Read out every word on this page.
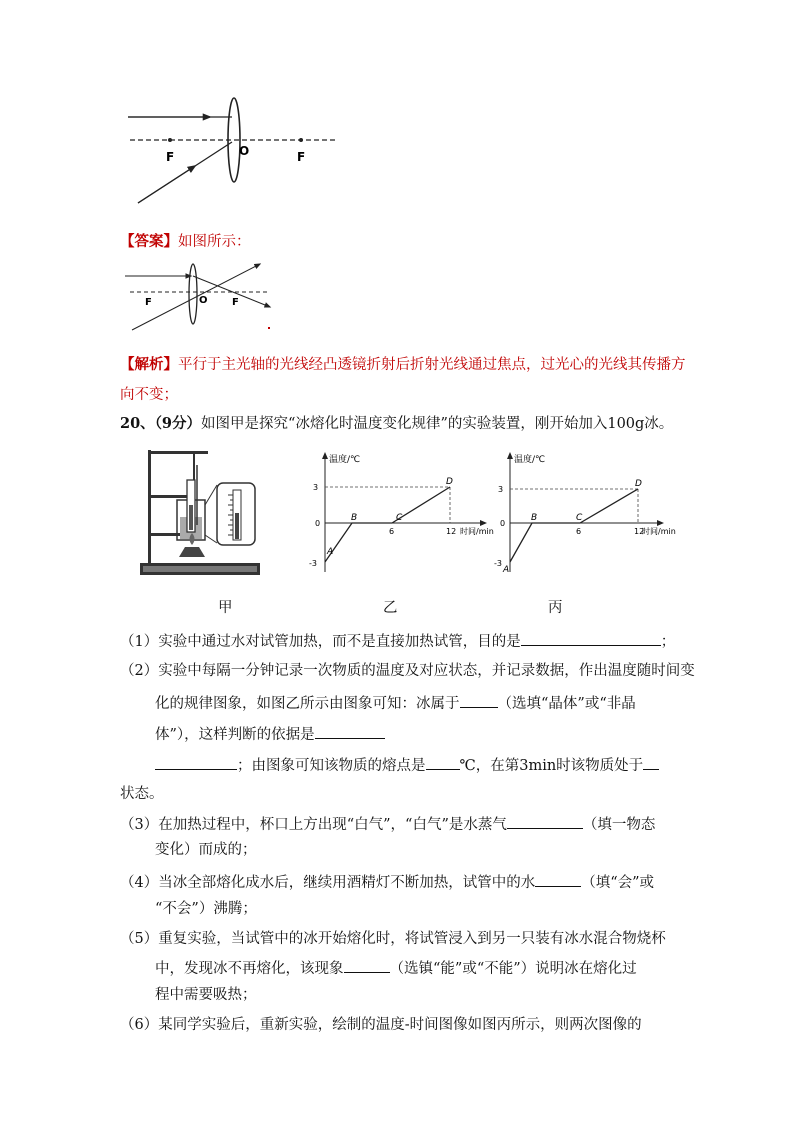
F	O	F
【答案】如图所示：
F	O F
【解析】平行于主光轴的光线经凸透镜折射后折射光线通过焦点，过光心的光线其传播方
向不变；
20、（9分）如图甲是探究“冰熔化时温度变化规律”的实验装置，刚开始加入100g冰。
温度/℃
3
0
-3
6	12 时间/min
A
B	C
D
温度/℃
3
0
-3
6	12
时间/min
A
B	C
D
甲	乙	丙
（1）实验中通过水对试管加热，而不是直接加热试管，目的是	；
（2）实验中每隔一分钟记录一次物质的温度及对应状态，并记录数据，作出温度随时间变
化的规律图象，如图乙所示由图象可知：冰属于	（选填“晶体”或“非晶
体”），这样判断的依据是
；由图象可知该物质的熔点是 ℃，在第3min时该物质处于
状态。
（3）在加热过程中，杯口上方出现“白气”，“白气”是水蒸气	（填一物态
变化）而成的；
（4）当冰全部熔化成水后，继续用酒精灯不断加热，试管中的水	（填“会”或
“不会”）沸腾；
（5）重复实验，当试管中的冰开始熔化时，将试管浸入到另一只装有冰水混合物烧杯
中，发现冰不再熔化，该现象	（选镇“能”或“不能”）说明冰在熔化过
程中需要吸热；
（6）某同学实验后，重新实验，绘制的温度-时间图像如图丙所示，则两次图像的
